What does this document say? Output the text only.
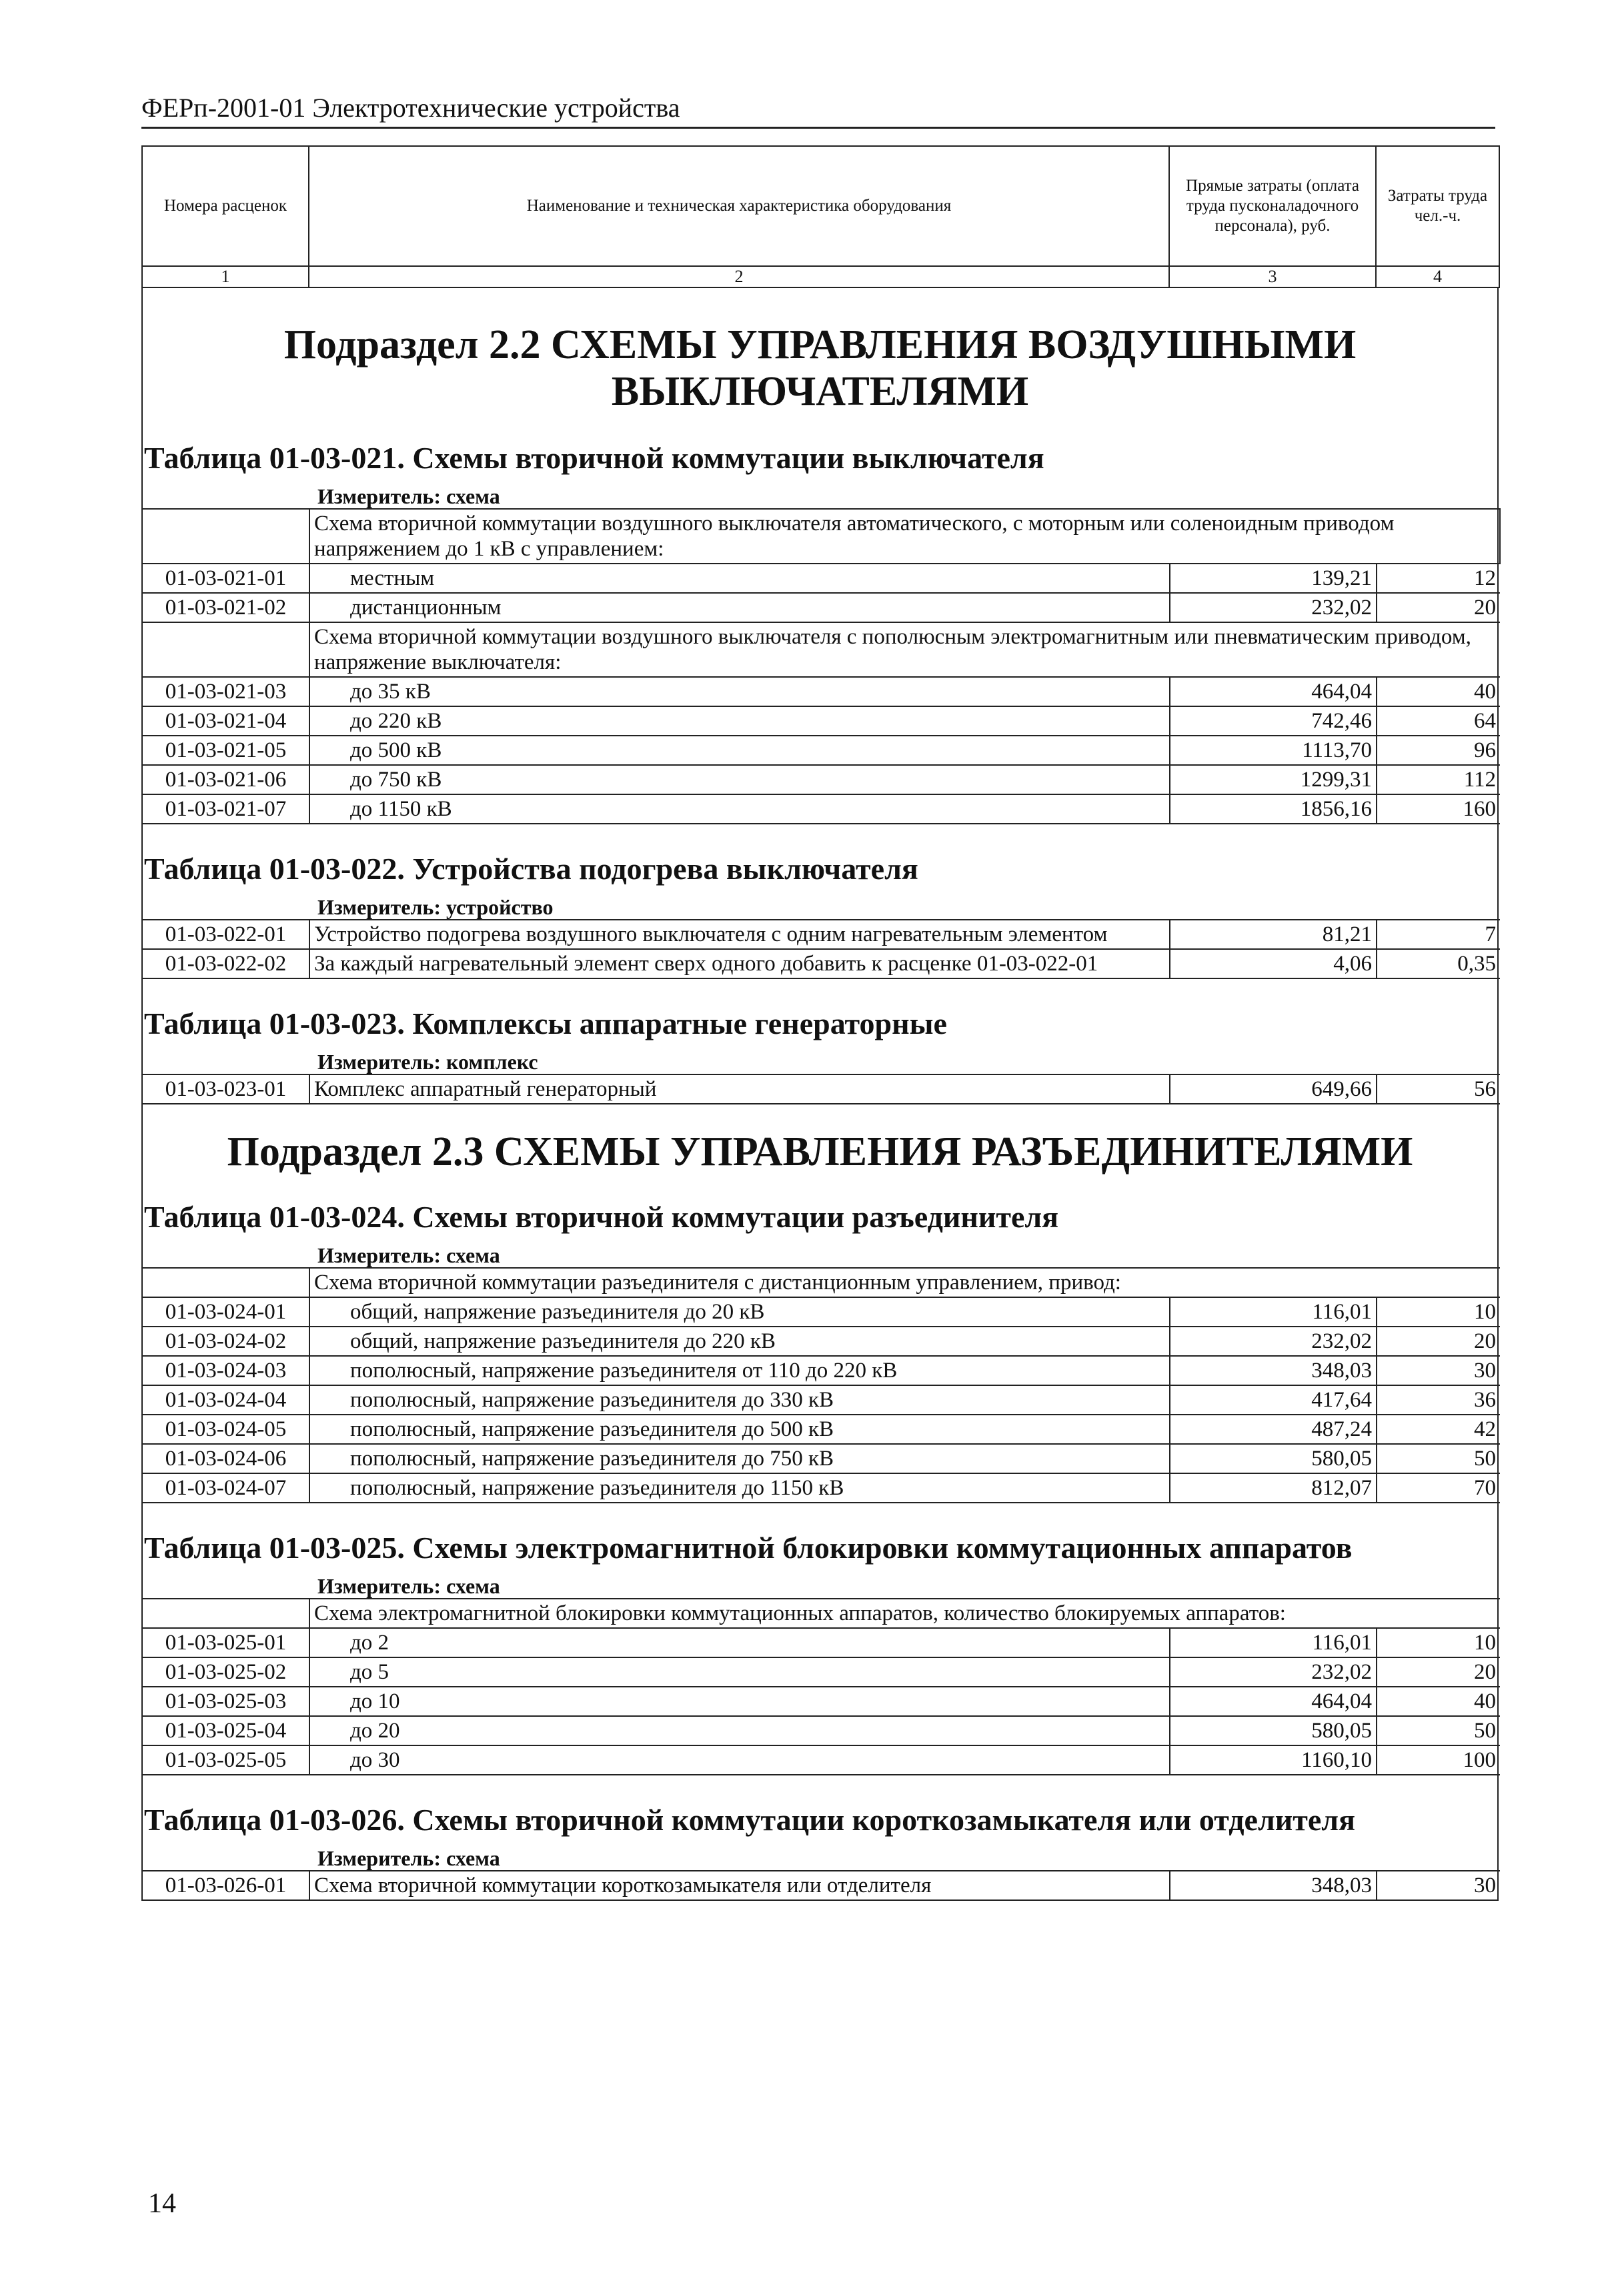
ФЕРп-2001-01 Электротехнические устройства
Номера расценок	Наименование и техническая характеристика оборудования	Прямые затраты (оплата труда пусконаладочного персонала), руб.	Затраты труда чел.-ч.
1	2	3	4
Подраздел 2.2 СХЕМЫ УПРАВЛЕНИЯ ВОЗДУШНЫМИ ВЫКЛЮЧАТЕЛЯМИ
Таблица 01-03-021. Схемы вторичной коммутации выключателя
Измеритель: схема
	Схема вторичной коммутации воздушного выключателя автоматического, с моторным или соленоидным приводом напряжением до 1 кВ с управлением:		
01-03-021-01	местным	139,21	12
01-03-021-02	дистанционным	232,02	20
	Схема вторичной коммутации воздушного выключателя с пополюсным электромагнитным или пневматическим приводом, напряжение выключателя:		
01-03-021-03	до 35 кВ	464,04	40
01-03-021-04	до 220 кВ	742,46	64
01-03-021-05	до 500 кВ	1113,70	96
01-03-021-06	до 750 кВ	1299,31	112
01-03-021-07	до 1150 кВ	1856,16	160
Таблица 01-03-022. Устройства подогрева выключателя
Измеритель: устройство
01-03-022-01	Устройство подогрева воздушного выключателя с одним нагревательным элементом	81,21	7
01-03-022-02	За каждый нагревательный элемент сверх одного добавить к расценке 01-03-022-01	4,06	0,35
Таблица 01-03-023. Комплексы аппаратные генераторные
Измеритель: комплекс
01-03-023-01	Комплекс аппаратный генераторный	649,66	56
Подраздел 2.3 СХЕМЫ УПРАВЛЕНИЯ РАЗЪЕДИНИТЕЛЯМИ
Таблица 01-03-024. Схемы вторичной коммутации разъединителя
Измеритель: схема
	Схема вторичной коммутации разъединителя с дистанционным управлением, привод:		
01-03-024-01	общий, напряжение разъединителя до 20 кВ	116,01	10
01-03-024-02	общий, напряжение разъединителя до 220 кВ	232,02	20
01-03-024-03	пополюсный, напряжение разъединителя от 110 до 220 кВ	348,03	30
01-03-024-04	пополюсный, напряжение разъединителя до 330 кВ	417,64	36
01-03-024-05	пополюсный, напряжение разъединителя до 500 кВ	487,24	42
01-03-024-06	пополюсный, напряжение разъединителя до 750 кВ	580,05	50
01-03-024-07	пополюсный, напряжение разъединителя до 1150 кВ	812,07	70
Таблица 01-03-025. Схемы электромагнитной блокировки коммутационных аппаратов
Измеритель: схема
	Схема электромагнитной блокировки коммутационных аппаратов, количество блокируемых аппаратов:		
01-03-025-01	до 2	116,01	10
01-03-025-02	до 5	232,02	20
01-03-025-03	до 10	464,04	40
01-03-025-04	до 20	580,05	50
01-03-025-05	до 30	1160,10	100
Таблица 01-03-026. Схемы вторичной коммутации короткозамыкателя или отделителя
Измеритель: схема
01-03-026-01	Схема вторичной коммутации короткозамыкателя или отделителя	348,03	30
14
